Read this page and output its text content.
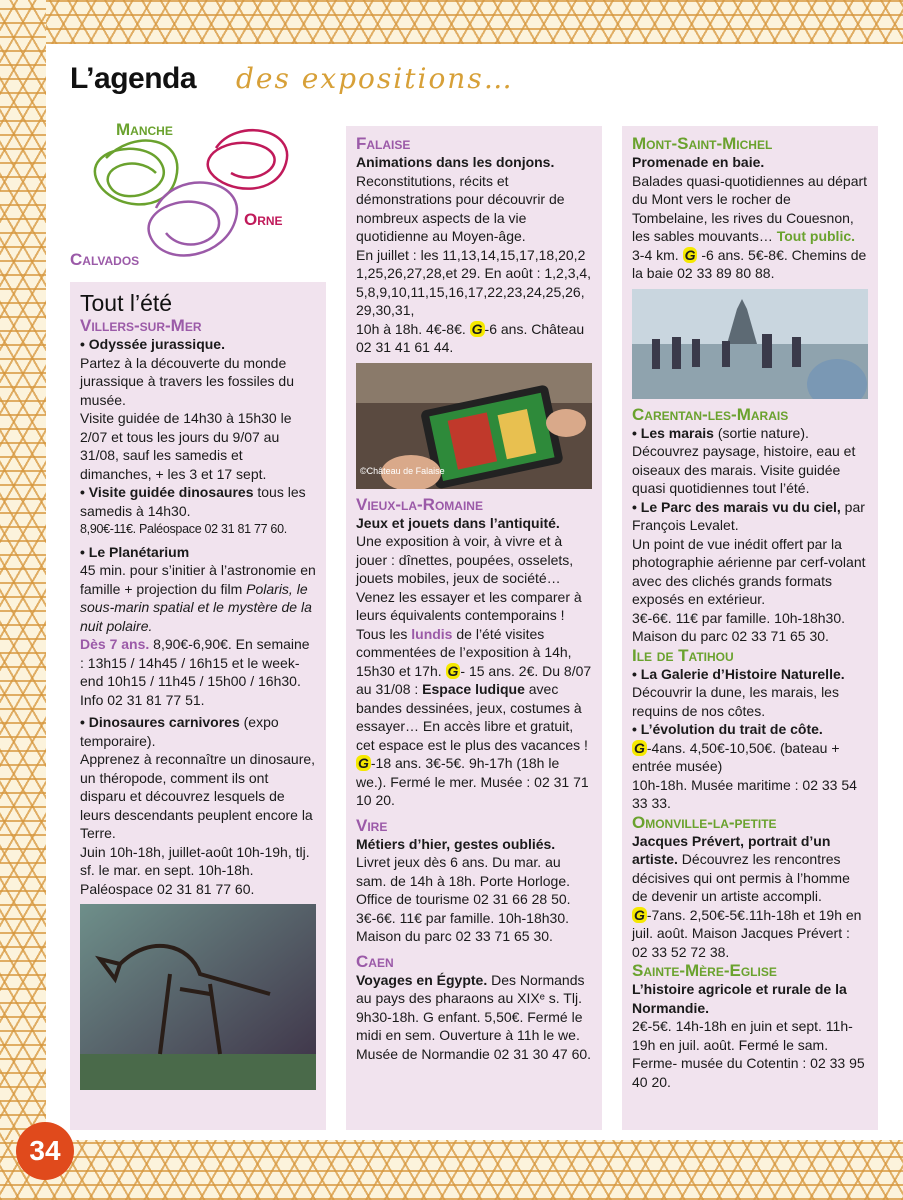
L’agenda des expositions…
Manche
Orne
Calvados

Tout l’été

Villers-sur-Mer

• Odyssée jurassique.

Partez à la découverte du monde jurassique à travers les fossiles du musée.

Visite guidée de 14h30 à 15h30 le 2/07 et tous les jours du 9/07 au 31/08, sauf les samedis et dimanches, + les 3 et 17 sept.

• Visite guidée dinosaures tous les samedis à 14h30.

8,90€-11€. Paléospace 02 31 81 77 60.

• Le Planétarium

45 min. pour s’initier à l’astronomie en famille + projection du film Polaris, le sous-marin spatial et le mystère de la nuit polaire.

Dès 7 ans. 8,90€-6,90€. En semaine : 13h15 / 14h45 / 16h15 et le week-end 10h15 / 11h45 / 15h00 / 16h30. Info 02 31 81 77 51.

• Dinosaures carnivores (expo temporaire).

Apprenez à reconnaître un dinosaure, un théropode, comment ils ont disparu et découvrez lesquels de leurs descendants peuplent encore la Terre.

Juin 10h-18h, juillet-août 10h-19h, tlj. sf. le mar. en sept. 10h-18h. Paléospace 02 31 81 77 60.

Falaise

Animations dans les donjons.

Reconstitutions, récits et démonstrations pour découvrir de nombreux aspects de la vie quotidienne au Moyen-âge.

En juillet : les 11,13,14,15,17,18,20,21,25,26,27,28,et 29. En août : 1,2,3,4,5,8,9,10,11,15,16,17,22,23,24,25,26,29,30,31,

10h à 18h. 4€-8€. G -6 ans. Château 02 31 41 61 44.

©Château de Falaise

Vieux-la-Romaine

Jeux et jouets dans l’antiquité.

Une exposition à voir, à vivre et à jouer : dînettes, poupées, osselets, jouets mobiles, jeux de société… Venez les essayer et les comparer à leurs équivalents contemporains ! Tous les lundis de l’été visites commentées de l’exposition à 14h, 15h30 et 17h. G - 15 ans. 2€. Du 8/07 au 31/08 : Espace ludique avec bandes dessinées, jeux, costumes à essayer… En accès libre et gratuit, cet espace est le plus des vacances !

G -18 ans. 3€-5€. 9h-17h (18h le we.). Fermé le mer. Musée : 02 31 71 10 20.

Vire

Métiers d’hier, gestes oubliés.

Livret jeux dès 6 ans. Du mar. au sam. de 14h à 18h. Porte Horloge. Office de tourisme 02 31 66 28 50. 3€-6€. 11€ par famille. 10h-18h30. Maison du parc 02 33 71 65 30.

Caen

Voyages en Égypte. Des Normands au pays des pharaons au XIXᵉ s. Tlj. 9h30-18h. G enfant. 5,50€. Fermé le midi en sem. Ouverture à 11h le we. Musée de Normandie 02 31 30 47 60.

Mont-Saint-Michel

Promenade en baie.

Balades quasi-quotidiennes au départ du Mont vers le rocher de Tombelaine, les rives du Couesnon, les sables mouvants… Tout public. 3-4 km. G -6 ans. 5€-8€. Chemins de la baie 02 33 89 80 88.

Carentan-les-Marais

• Les marais (sortie nature).

Découvrez paysage, histoire, eau et oiseaux des marais. Visite guidée quasi quotidiennes tout l’été.

• Le Parc des marais vu du ciel, par François Levalet.

Un point de vue inédit offert par la photographie aérienne par cerf-volant avec des clichés grands formats exposés en extérieur.

3€-6€. 11€ par famille. 10h-18h30. Maison du parc 02 33 71 65 30.

Ile de Tatihou

• La Galerie d’Histoire Naturelle.

Découvrir la dune, les marais, les requins de nos côtes.

• L’évolution du trait de côte.

G -4ans. 4,50€-10,50€. (bateau + entrée musée)

10h-18h. Musée maritime : 02 33 54 33 33.

Omonville-la-petite

Jacques Prévert, portrait d’un artiste. Découvrez les rencontres décisives qui ont permis à l’homme de devenir un artiste accompli.

G -7ans. 2,50€-5€.11h-18h et 19h en juil. août. Maison Jacques Prévert : 02 33 52 72 38.

Sainte-Mère-Eglise

L’histoire agricole et rurale de la Normandie.

2€-5€. 14h-18h en juin et sept. 11h-19h en juil. août. Fermé le sam. Ferme- musée du Cotentin : 02 33 95 40 20.

34
